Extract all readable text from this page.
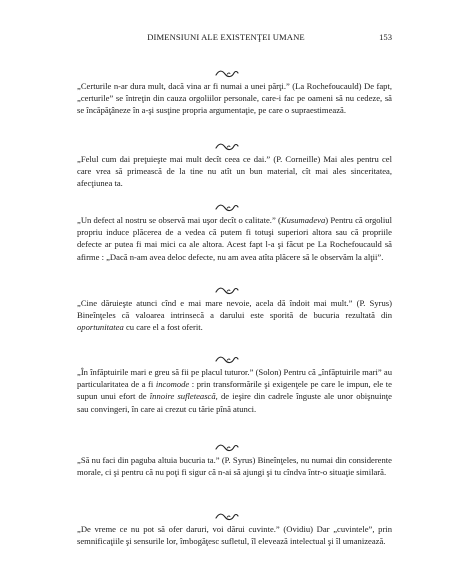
DIMENSIUNI ALE EXISTENŢEI UMANE	153
„Certurile n-ar dura mult, dacă vina ar fi numai a unei părţi.” (La Rochefoucauld) De fapt, „certurile” se întreţin din cauza orgoliilor personale, care-i fac pe oameni să nu cedeze, să se încăpăţâneze în a-şi susţine propria argumentaţie, pe care o supraestimează.
„Felul cum dai preţuieşte mai mult decît ceea ce dai.” (P. Corneille) Mai ales pentru cel care vrea să primească de la tine nu atît un bun material, cît mai ales sinceritatea, afecţiunea ta.
„Un defect al nostru se observă mai uşor decît o calitate.” (Kusumadeva) Pentru că orgoliul propriu induce plăcerea de a vedea că putem fi totuşi superiori altora sau că propriile defecte ar putea fi mai mici ca ale altora. Acest fapt l-a şi făcut pe La Rochefoucauld să afirme : „Dacă n-am avea deloc defecte, nu am avea atîta plăcere să le observăm la alţii”.
„Cine dăruieşte atunci cînd e mai mare nevoie, acela dă îndoit mai mult.” (P. Syrus) Bineînţeles că valoarea intrinsecă a darului este sporită de bucuria rezultată din oportunitatea cu care el a fost oferit.
„În înfăptuirile mari e greu să fii pe placul tuturor.” (Solon) Pentru că „înfăptuirile mari” au particularitatea de a fi incomode : prin transformările şi exigenţele pe care le impun, ele te supun unui efort de înnoire sufletească, de ieşire din cadrele înguste ale unor obişnuinţe sau convingeri, în care ai crezut cu tărie pînă atunci.
„Să nu faci din paguba altuia bucuria ta.” (P. Syrus) Bineînţeles, nu numai din considerente morale, ci şi pentru că nu poţi fi sigur că n-ai să ajungi şi tu cîndva într-o situaţie similară.
„De vreme ce nu pot să ofer daruri, voi dărui cuvinte.” (Ovidiu) Dar „cuvintele”, prin semnificaţiile şi sensurile lor, îmbogăţesc sufletul, îl elevează intelectual şi îl umanizează.
